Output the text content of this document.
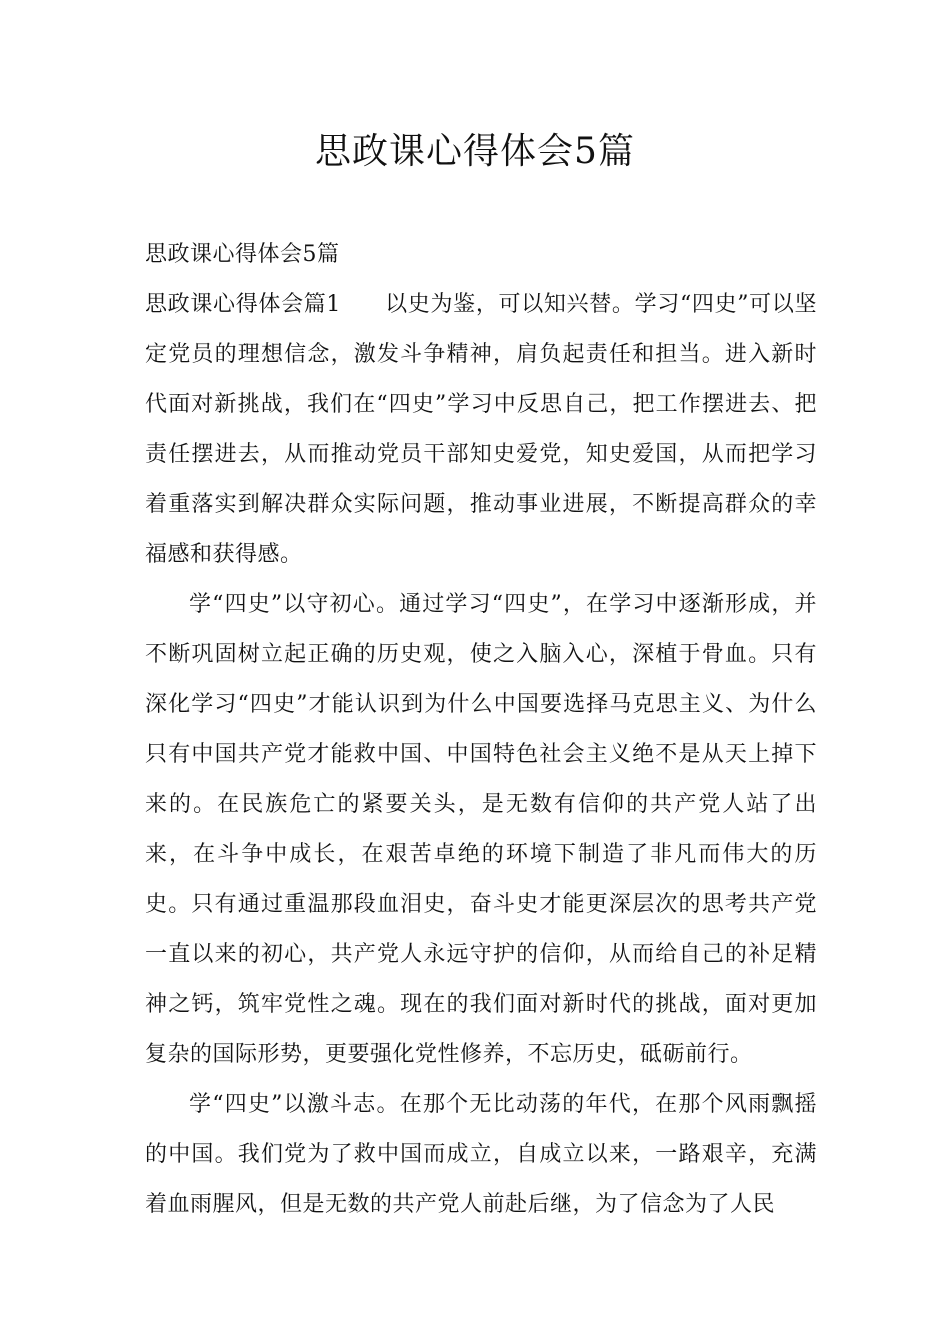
思政课心得体会5篇

思政课心得体会5篇

思政课心得体会篇1 以史为鉴，可以知兴替。学习“四史”可以坚定党员的理想信念，激发斗争精神，肩负起责任和担当。进入新时代面对新挑战，我们在“四史”学习中反思自己，把工作摆进去、把责任摆进去，从而推动党员干部知史爱党，知史爱国，从而把学习着重落实到解决群众实际问题，推动事业进展，不断提高群众的幸福感和获得感。

学“四史”以守初心。通过学习“四史”，在学习中逐渐形成，并不断巩固树立起正确的历史观，使之入脑入心，深植于骨血。只有深化学习“四史”才能认识到为什么中国要选择马克思主义、为什么只有中国共产党才能救中国、中国特色社会主义绝不是从天上掉下来的。在民族危亡的紧要关头，是无数有信仰的共产党人站了出来，在斗争中成长，在艰苦卓绝的环境下制造了非凡而伟大的历史。只有通过重温那段血泪史，奋斗史才能更深层次的思考共产党一直以来的初心，共产党人永远守护的信仰，从而给自己的补足精神之钙，筑牢党性之魂。现在的我们面对新时代的挑战，面对更加复杂的国际形势，更要强化党性修养，不忘历史，砥砺前行。

学“四史”以激斗志。在那个无比动荡的年代，在那个风雨飘摇的中国。我们党为了救中国而成立，自成立以来，一路艰辛，充满着血雨腥风，但是无数的共产党人前赴后继，为了信念为了人民
